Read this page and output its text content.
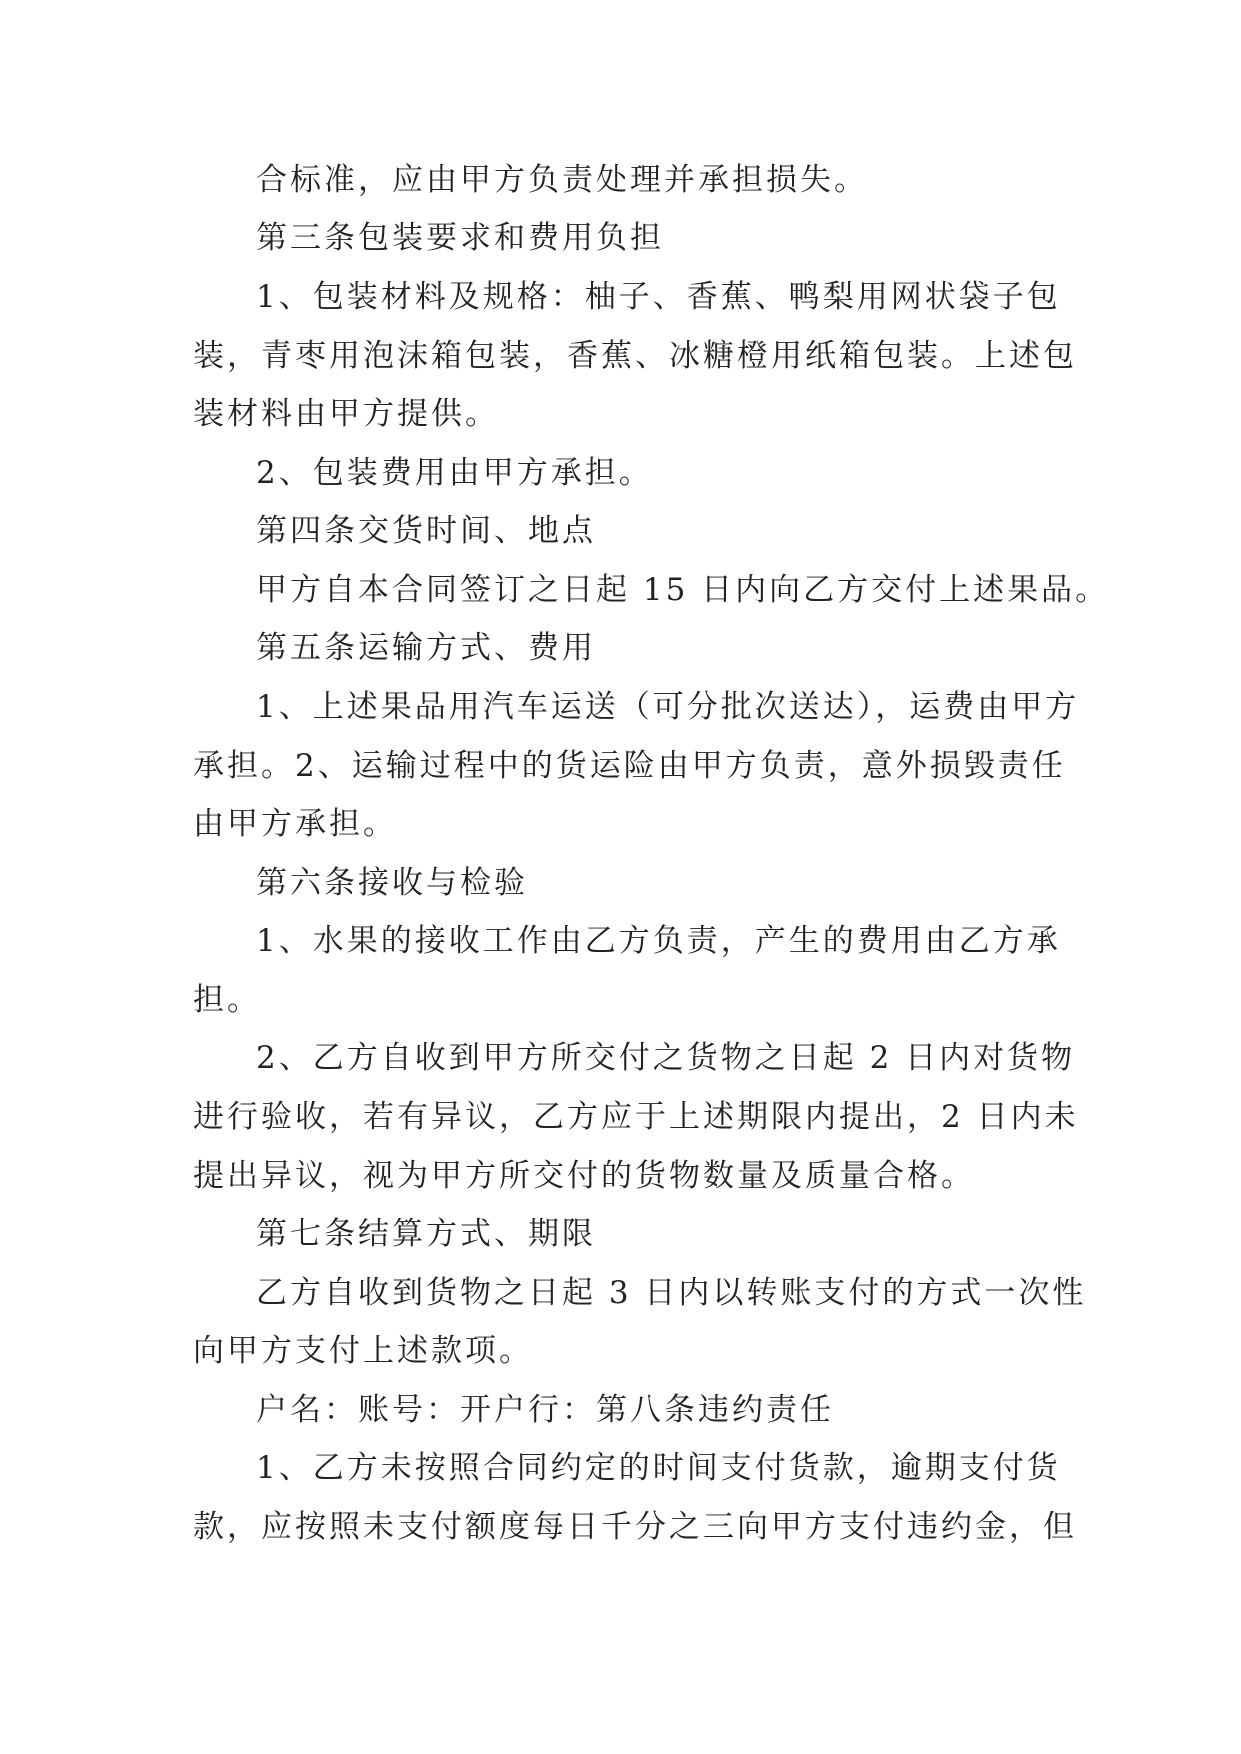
合标准，应由甲方负责处理并承担损失。
第三条包装要求和费用负担
1、包装材料及规格：柚子、香蕉、鸭梨用网状袋子包
装，青枣用泡沫箱包装，香蕉、冰糖橙用纸箱包装。上述包
装材料由甲方提供。
2、包装费用由甲方承担。
第四条交货时间、地点
甲方自本合同签订之日起 15 日内向乙方交付上述果品。
第五条运输方式、费用
1、上述果品用汽车运送（可分批次送达），运费由甲方
承担。2、运输过程中的货运险由甲方负责，意外损毁责任
由甲方承担。
第六条接收与检验
1、水果的接收工作由乙方负责，产生的费用由乙方承
担。
2、乙方自收到甲方所交付之货物之日起 2 日内对货物
进行验收，若有异议，乙方应于上述期限内提出，2 日内未
提出异议，视为甲方所交付的货物数量及质量合格。
第七条结算方式、期限
乙方自收到货物之日起 3 日内以转账支付的方式一次性
向甲方支付上述款项。
户名：账号：开户行：第八条违约责任
1、乙方未按照合同约定的时间支付货款，逾期支付货
款，应按照未支付额度每日千分之三向甲方支付违约金，但
